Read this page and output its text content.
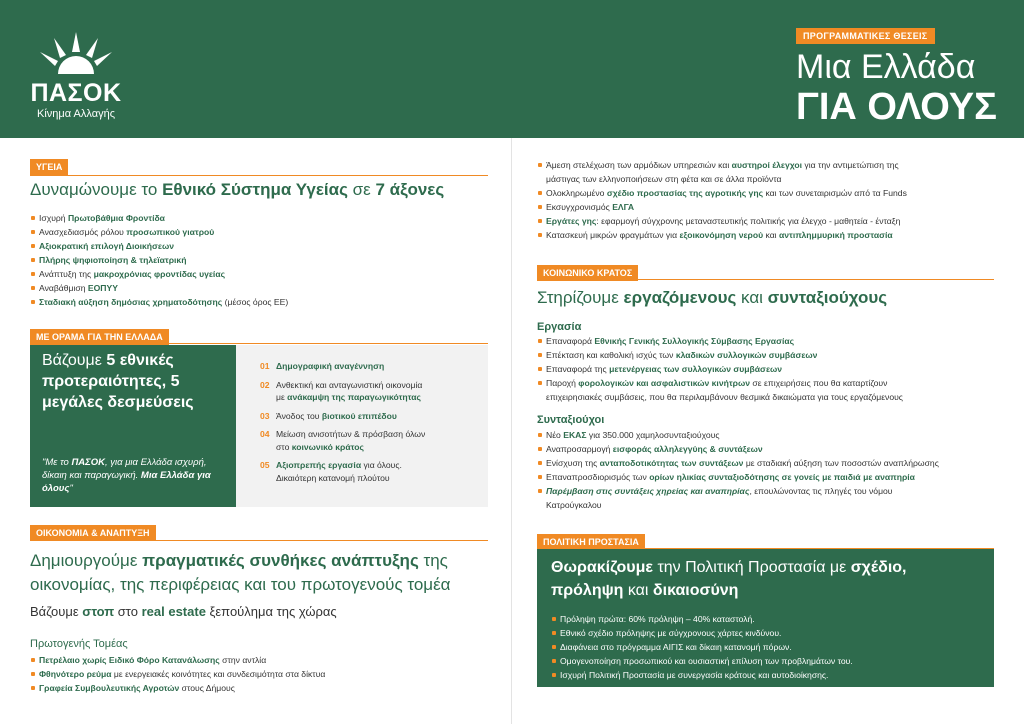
ΠΑΣΟΚ
Κίνημα Αλλαγής
ΠΡΟΓΡΑΜΜΑΤΙΚΕΣ ΘΕΣΕΙΣ
Μια Ελλάδα
ΓΙΑ ΟΛΟΥΣ
ΥΓΕΙΑ
Δυναμώνουμε το Εθνικό Σύστημα Υγείας σε 7 άξονες
Ισχυρή Πρωτοβάθμια Φροντίδα
Ανασχεδιασμός ρόλου προσωπικού γιατρού
Αξιοκρατική επιλογή Διοικήσεων
Πλήρης ψηφιοποίηση & τηλεϊατρική
Ανάπτυξη της μακροχρόνιας φροντίδας υγείας
Αναβάθμιση ΕΟΠΥΥ
Σταδιακή αύξηση δημόσιας χρηματοδότησης (μέσος όρος ΕΕ)
ΜΕ ΟΡΑΜΑ ΓΙΑ ΤΗΝ ΕΛΛΑΔΑ
Βάζουμε 5 εθνικές προτεραιότητες, 5 μεγάλες δεσμεύσεις
"Με το ΠΑΣΟΚ, για μια Ελλάδα ισχυρή, δίκαιη και παραγωγική. Μια Ελλάδα για όλους"
01 Δημογραφική αναγέννηση
02 Ανθεκτική και ανταγωνιστική οικονομία
με ανάκαμψη της παραγωγικότητας
03 Άνοδος του βιοτικού επιπέδου
04 Μείωση ανισοτήτων & πρόσβαση όλων
στο κοινωνικό κράτος
05 Αξιοπρεπής εργασία για όλους.
Δικαιότερη κατανομή πλούτου
ΟΙΚΟΝΟΜΙΑ & ΑΝΑΠΤΥΞΗ
Δημιουργούμε πραγματικές συνθήκες ανάπτυξης της
οικονομίας, της περιφέρειας και του πρωτογενούς τομέα
Βάζουμε στοπ στο real estate ξεπούλημα της χώρας
Πρωτογενής Τομέας
Πετρέλαιο χωρίς Ειδικό Φόρο Κατανάλωσης στην αντλία
Φθηνότερο ρεύμα με ενεργειακές κοινότητες και συνδεσιμότητα στα δίκτυα
Γραφεία Συμβουλευτικής Αγροτών στους Δήμους
Άμεση στελέχωση των αρμόδιων υπηρεσιών και αυστηροί έλεγχοι για την αντιμετώπιση της
μάστιγας των ελληνοποιήσεων στη φέτα και σε άλλα προϊόντα
Ολοκληρωμένο σχέδιο προστασίας της αγροτικής γης και των συνεταιρισμών από τα Funds
Εκσυγχρονισμός ΕΛΓΑ
Εργάτες γης: εφαρμογή σύγχρονης μεταναστευτικής πολιτικής για έλεγχο - μαθητεία - ένταξη
Κατασκευή μικρών φραγμάτων για εξοικονόμηση νερού και αντιπλημμυρική προστασία
ΚΟΙΝΩΝΙΚΟ ΚΡΑΤΟΣ
Στηρίζουμε εργαζόμενους και συνταξιούχους
Εργασία
Επαναφορά Εθνικής Γενικής Συλλογικής Σύμβασης Εργασίας
Επέκταση και καθολική ισχύς των κλαδικών συλλογικών συμβάσεων
Επαναφορά της μετενέργειας των συλλογικών συμβάσεων
Παροχή φορολογικών και ασφαλιστικών κινήτρων σε επιχειρήσεις που θα καταρτίζουν
επιχειρησιακές συμβάσεις, που θα περιλαμβάνουν θεσμικά δικαιώματα για τους εργαζόμενους
Συνταξιούχοι
Νέο ΕΚΑΣ για 350.000 χαμηλοσυνταξιούχους
Αναπροσαρμογή εισφοράς αλληλεγγύης & συντάξεων
Ενίσχυση της ανταποδοτικότητας των συντάξεων με σταδιακή αύξηση των ποσοστών αναπλήρωσης
Επαναπροσδιορισμός των ορίων ηλικίας συνταξιοδότησης σε γονείς με παιδιά με αναπηρία
Παρέμβαση στις συντάξεις χηρείας και αναπηρίας, επουλώνοντας τις πληγές του νόμου
Κατρούγκαλου
ΠΟΛΙΤΙΚΗ ΠΡΟΣΤΑΣΙΑ
Θωρακίζουμε την Πολιτική Προστασία με σχέδιο,
πρόληψη και δικαιοσύνη
Πρόληψη πρώτα: 60% πρόληψη – 40% καταστολή.
Εθνικό σχέδιο πρόληψης με σύγχρονους χάρτες κινδύνου.
Διαφάνεια στο πρόγραμμα ΑΙΓΙΣ και δίκαιη κατανομή πόρων.
Ομογενοποίηση προσωπικού και ουσιαστική επίλυση των προβλημάτων του.
Ισχυρή Πολιτική Προστασία με συνεργασία κράτους και αυτοδιοίκησης.
